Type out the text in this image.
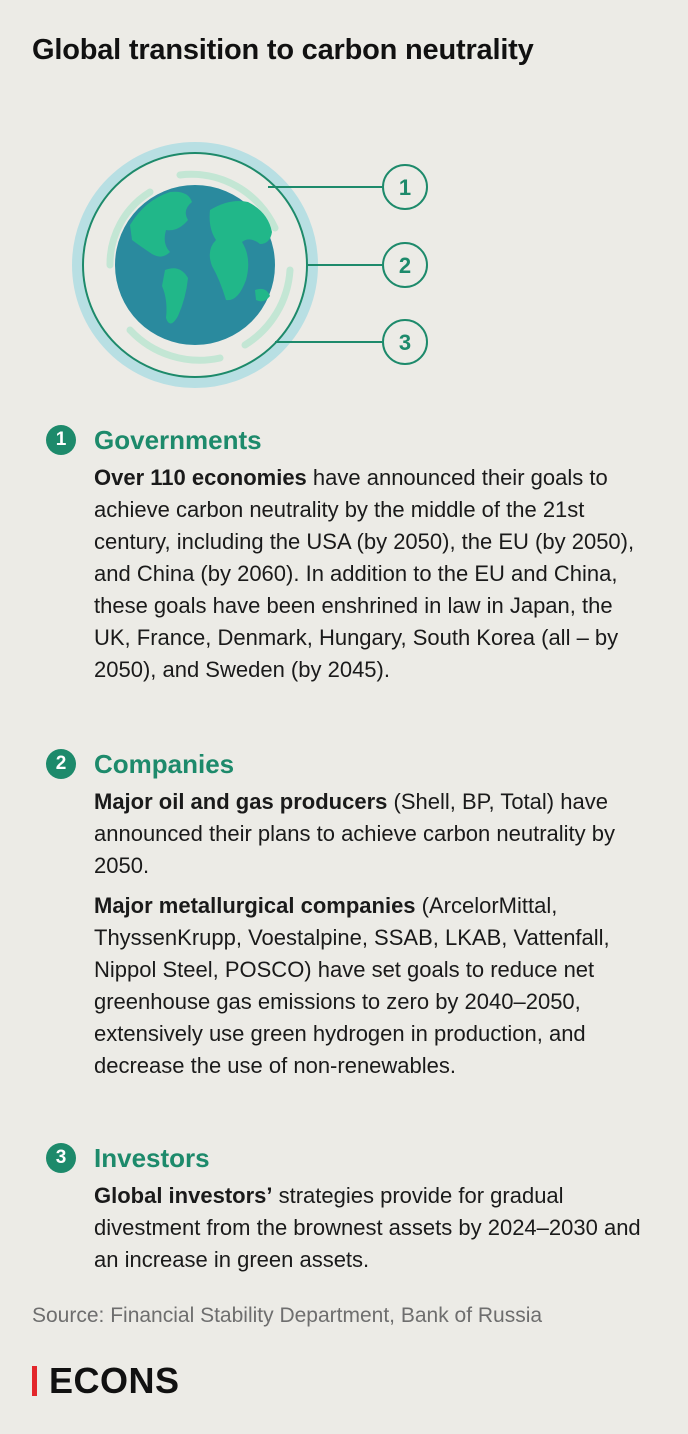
Global transition to carbon neutrality
1
2
3
1	Governments

Over 110 economies have announced their goals to achieve carbon neutrality by the middle of the 21st century, including the USA (by 2050), the EU (by 2050), and China (by 2060). In addition to the EU and China, these goals have been enshrined in law in Japan, the UK, France, Denmark, Hungary, South Korea (all – by 2050), and Sweden (by 2045).

2	Companies

Major oil and gas producers (Shell, BP, Total) have announced their plans to achieve carbon neutrality by 2050.

Major metallurgical companies (ArcelorMittal, ThyssenKrupp, Voestalpine, SSAB, LKAB, Vattenfall, Nippol Steel, POSCO) have set goals to reduce net greenhouse gas emissions to zero by 2040–2050, extensively use green hydrogen in production, and decrease the use of non-renewables.

3	Investors

Global investors’ strategies provide for gradual divestment from the brownest assets by 2024–2030 and an increase in green assets.

Source: Financial Stability Department, Bank of Russia
ECONS
